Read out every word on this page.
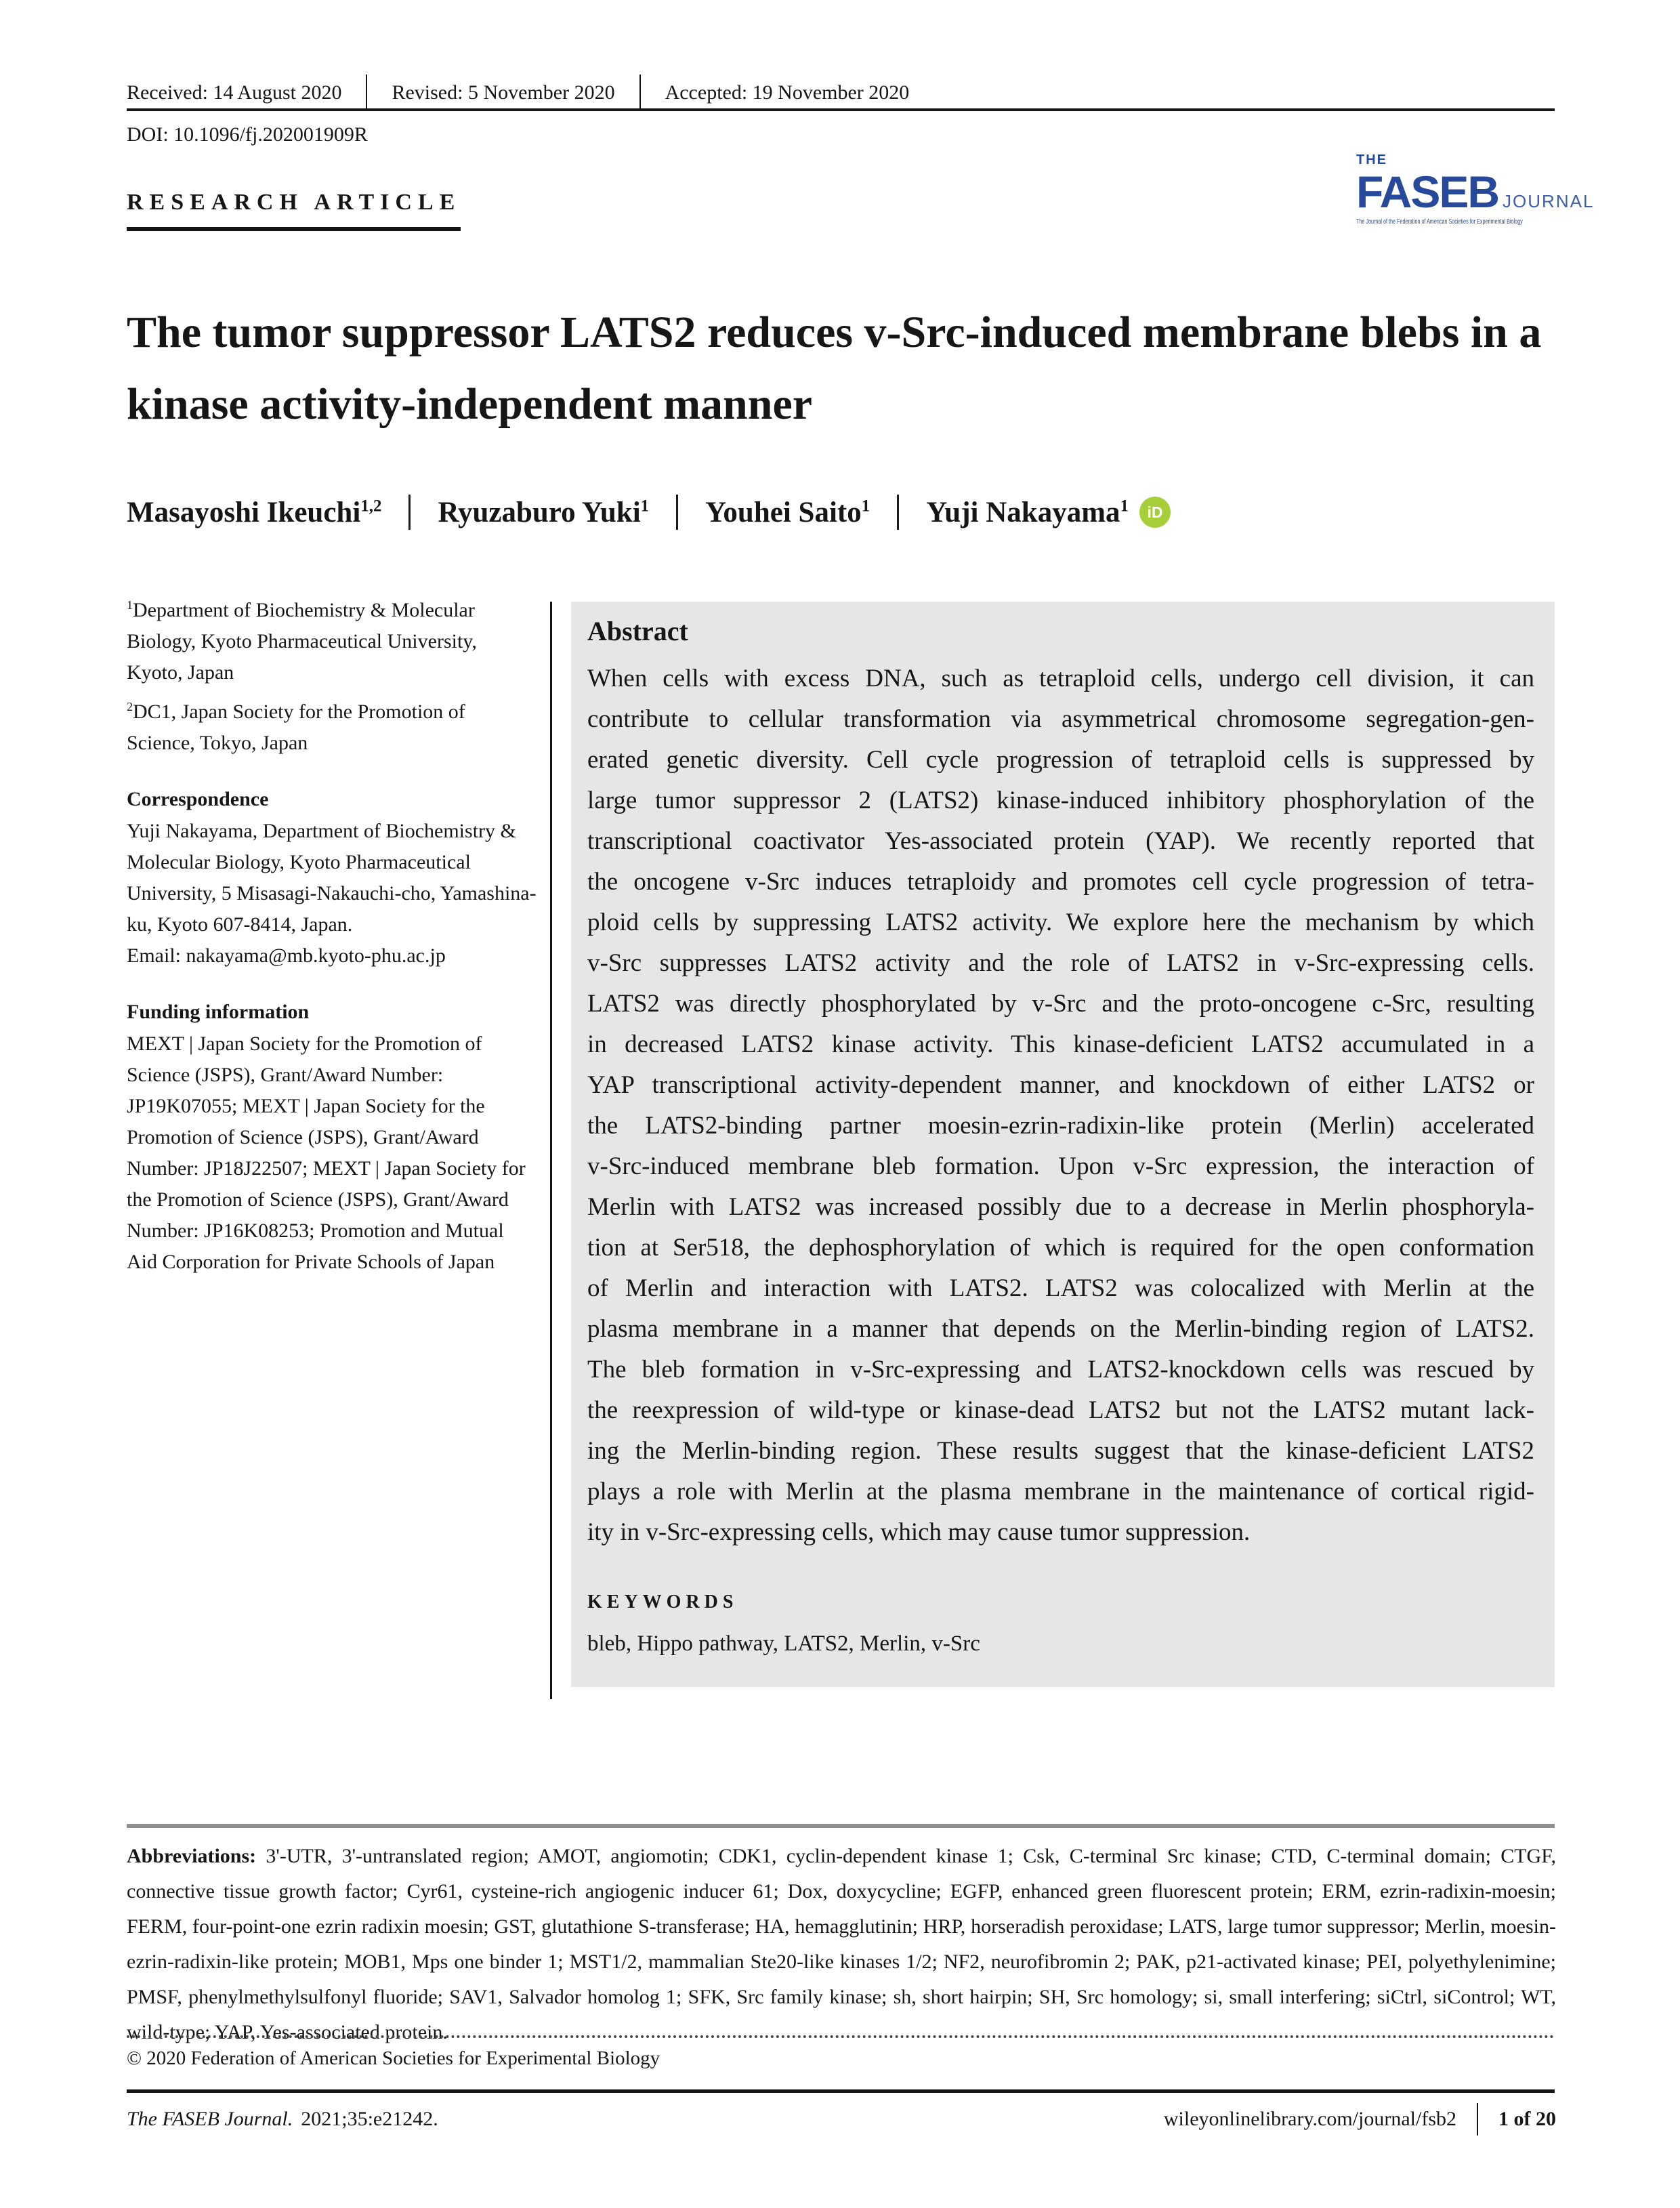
Received: 14 August 2020 Revised: 5 November 2020 Accepted: 19 November 2020
DOI: 10.1096/fj.202001909R
RESEARCH ARTICLE
THE
FASEB JOURNAL
The Journal of the Federation of American Societies for Experimental Biology
The tumor suppressor LATS2 reduces v-Src-induced membrane blebs in a kinase activity-independent manner
Masayoshi Ikeuchi$^{1,2}$ Ryuzaburo Yuki$^1$ Youhei Saito$^1$ Yuji Nakayama$^1$	iD
$^1$Department of Biochemistry & Molecular Biology, Kyoto Pharmaceutical University, Kyoto, Japan
$^2$DC1, Japan Society for the Promotion of Science, Tokyo, Japan
Correspondence
Yuji Nakayama, Department of Biochemistry & Molecular Biology, Kyoto Pharmaceutical University, 5 Misasagi-Nakauchi-cho, Yamashina-ku, Kyoto 607-8414, Japan.
Email: nakayama@mb.kyoto-phu.ac.jp
Funding information
MEXT | Japan Society for the Promotion of Science (JSPS), Grant/Award Number: JP19K07055; MEXT | Japan Society for the Promotion of Science (JSPS), Grant/Award Number: JP18J22507; MEXT | Japan Society for the Promotion of Science (JSPS), Grant/Award Number: JP16K08253; Promotion and Mutual Aid Corporation for Private Schools of Japan
Abstract
When cells with excess DNA, such as tetraploid cells, undergo cell division, it can
contribute to cellular transformation via asymmetrical chromosome segregation-gen-
erated genetic diversity. Cell cycle progression of tetraploid cells is suppressed by
large tumor suppressor 2 (LATS2) kinase-induced inhibitory phosphorylation of the
transcriptional coactivator Yes-associated protein (YAP). We recently reported that
the oncogene v-Src induces tetraploidy and promotes cell cycle progression of tetra-
ploid cells by suppressing LATS2 activity. We explore here the mechanism by which
v-Src suppresses LATS2 activity and the role of LATS2 in v-Src-expressing cells.
LATS2 was directly phosphorylated by v-Src and the proto-oncogene c-Src, resulting
in decreased LATS2 kinase activity. This kinase-deficient LATS2 accumulated in a
YAP transcriptional activity-dependent manner, and knockdown of either LATS2 or
the LATS2-binding partner moesin-ezrin-radixin-like protein (Merlin) accelerated
v-Src-induced membrane bleb formation. Upon v-Src expression, the interaction of
Merlin with LATS2 was increased possibly due to a decrease in Merlin phosphoryla-
tion at Ser518, the dephosphorylation of which is required for the open conformation
of Merlin and interaction with LATS2. LATS2 was colocalized with Merlin at the
plasma membrane in a manner that depends on the Merlin-binding region of LATS2.
The bleb formation in v-Src-expressing and LATS2-knockdown cells was rescued by
the reexpression of wild-type or kinase-dead LATS2 but not the LATS2 mutant lack-
ing the Merlin-binding region. These results suggest that the kinase-deficient LATS2
plays a role with Merlin at the plasma membrane in the maintenance of cortical rigid-
ity in v-Src-expressing cells, which may cause tumor suppression.
KEYWORDS
bleb, Hippo pathway, LATS2, Merlin, v-Src
Abbreviations: 3'-UTR, 3'-untranslated region; AMOT, angiomotin; CDK1, cyclin-dependent kinase 1; Csk, C-terminal Src kinase; CTD, C-terminal domain; CTGF, connective tissue growth factor; Cyr61, cysteine-rich angiogenic inducer 61; Dox, doxycycline; EGFP, enhanced green fluorescent protein; ERM, ezrin-radixin-moesin; FERM, four-point-one ezrin radixin moesin; GST, glutathione S-transferase; HA, hemagglutinin; HRP, horseradish peroxidase; LATS, large tumor suppressor; Merlin, moesin-ezrin-radixin-like protein; MOB1, Mps one binder 1; MST1/2, mammalian Ste20-like kinases 1/2; NF2, neurofibromin 2; PAK, p21-activated kinase; PEI, polyethylenimine; PMSF, phenylmethylsulfonyl fluoride; SAV1, Salvador homolog 1; SFK, Src family kinase; sh, short hairpin; SH, Src homology; si, small interfering; siCtrl, siControl; WT, wild-type; YAP, Yes-associated protein.
© 2020 Federation of American Societies for Experimental Biology
The FASEB Journal. 2021;35:e21242.	wileyonlinelibrary.com/journal/fsb2 1 of 20
